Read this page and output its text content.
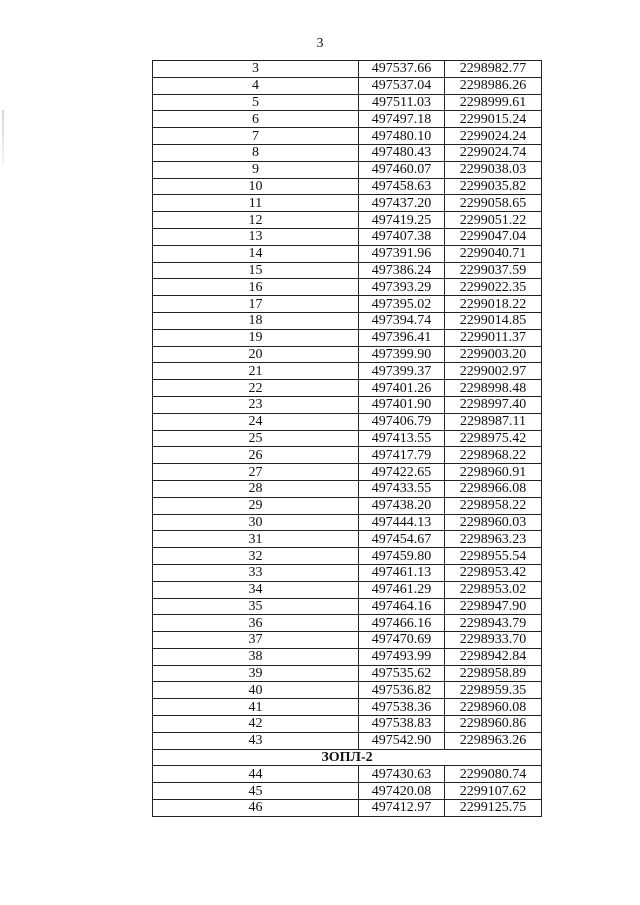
3
3	497537.66	2298982.77
4	497537.04	2298986.26
5	497511.03	2298999.61
6	497497.18	2299015.24
7	497480.10	2299024.24
8	497480.43	2299024.74
9	497460.07	2299038.03
10	497458.63	2299035.82
11	497437.20	2299058.65
12	497419.25	2299051.22
13	497407.38	2299047.04
14	497391.96	2299040.71
15	497386.24	2299037.59
16	497393.29	2299022.35
17	497395.02	2299018.22
18	497394.74	2299014.85
19	497396.41	2299011.37
20	497399.90	2299003.20
21	497399.37	2299002.97
22	497401.26	2298998.48
23	497401.90	2298997.40
24	497406.79	2298987.11
25	497413.55	2298975.42
26	497417.79	2298968.22
27	497422.65	2298960.91
28	497433.55	2298966.08
29	497438.20	2298958.22
30	497444.13	2298960.03
31	497454.67	2298963.23
32	497459.80	2298955.54
33	497461.13	2298953.42
34	497461.29	2298953.02
35	497464.16	2298947.90
36	497466.16	2298943.79
37	497470.69	2298933.70
38	497493.99	2298942.84
39	497535.62	2298958.89
40	497536.82	2298959.35
41	497538.36	2298960.08
42	497538.83	2298960.86
43	497542.90	2298963.26
ЗОПЛ-2		
44	497430.63	2299080.74
45	497420.08	2299107.62
46	497412.97	2299125.75
